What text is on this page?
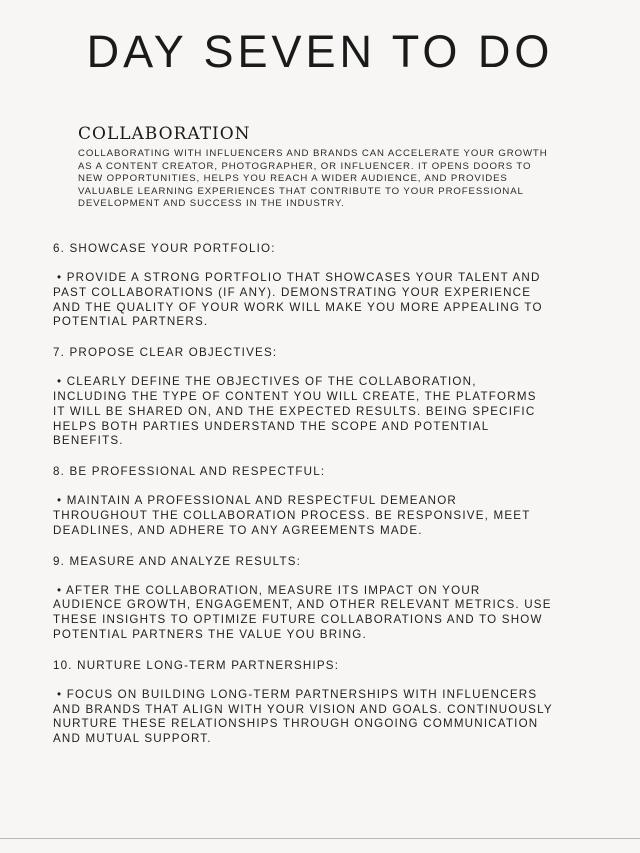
DAY SEVEN TO DO
COLLABORATION

COLLABORATING WITH INFLUENCERS AND BRANDS CAN ACCELERATE YOUR GROWTH AS A CONTENT CREATOR, PHOTOGRAPHER, OR INFLUENCER. IT OPENS DOORS TO NEW OPPORTUNITIES, HELPS YOU REACH A WIDER AUDIENCE, AND PROVIDES VALUABLE LEARNING EXPERIENCES THAT CONTRIBUTE TO YOUR PROFESSIONAL DEVELOPMENT AND SUCCESS IN THE INDUSTRY.

6. SHOWCASE YOUR PORTFOLIO:

• PROVIDE A STRONG PORTFOLIO THAT SHOWCASES YOUR TALENT AND PAST COLLABORATIONS (IF ANY). DEMONSTRATING YOUR EXPERIENCE AND THE QUALITY OF YOUR WORK WILL MAKE YOU MORE APPEALING TO POTENTIAL PARTNERS.

7. PROPOSE CLEAR OBJECTIVES:

• CLEARLY DEFINE THE OBJECTIVES OF THE COLLABORATION, INCLUDING THE TYPE OF CONTENT YOU WILL CREATE, THE PLATFORMS IT WILL BE SHARED ON, AND THE EXPECTED RESULTS. BEING SPECIFIC HELPS BOTH PARTIES UNDERSTAND THE SCOPE AND POTENTIAL BENEFITS.

8. BE PROFESSIONAL AND RESPECTFUL:

• MAINTAIN A PROFESSIONAL AND RESPECTFUL DEMEANOR THROUGHOUT THE COLLABORATION PROCESS. BE RESPONSIVE, MEET DEADLINES, AND ADHERE TO ANY AGREEMENTS MADE.

9. MEASURE AND ANALYZE RESULTS:

• AFTER THE COLLABORATION, MEASURE ITS IMPACT ON YOUR AUDIENCE GROWTH, ENGAGEMENT, AND OTHER RELEVANT METRICS. USE THESE INSIGHTS TO OPTIMIZE FUTURE COLLABORATIONS AND TO SHOW POTENTIAL PARTNERS THE VALUE YOU BRING.

10. NURTURE LONG-TERM PARTNERSHIPS:

• FOCUS ON BUILDING LONG-TERM PARTNERSHIPS WITH INFLUENCERS AND BRANDS THAT ALIGN WITH YOUR VISION AND GOALS. CONTINUOUSLY NURTURE THESE RELATIONSHIPS THROUGH ONGOING COMMUNICATION AND MUTUAL SUPPORT.
